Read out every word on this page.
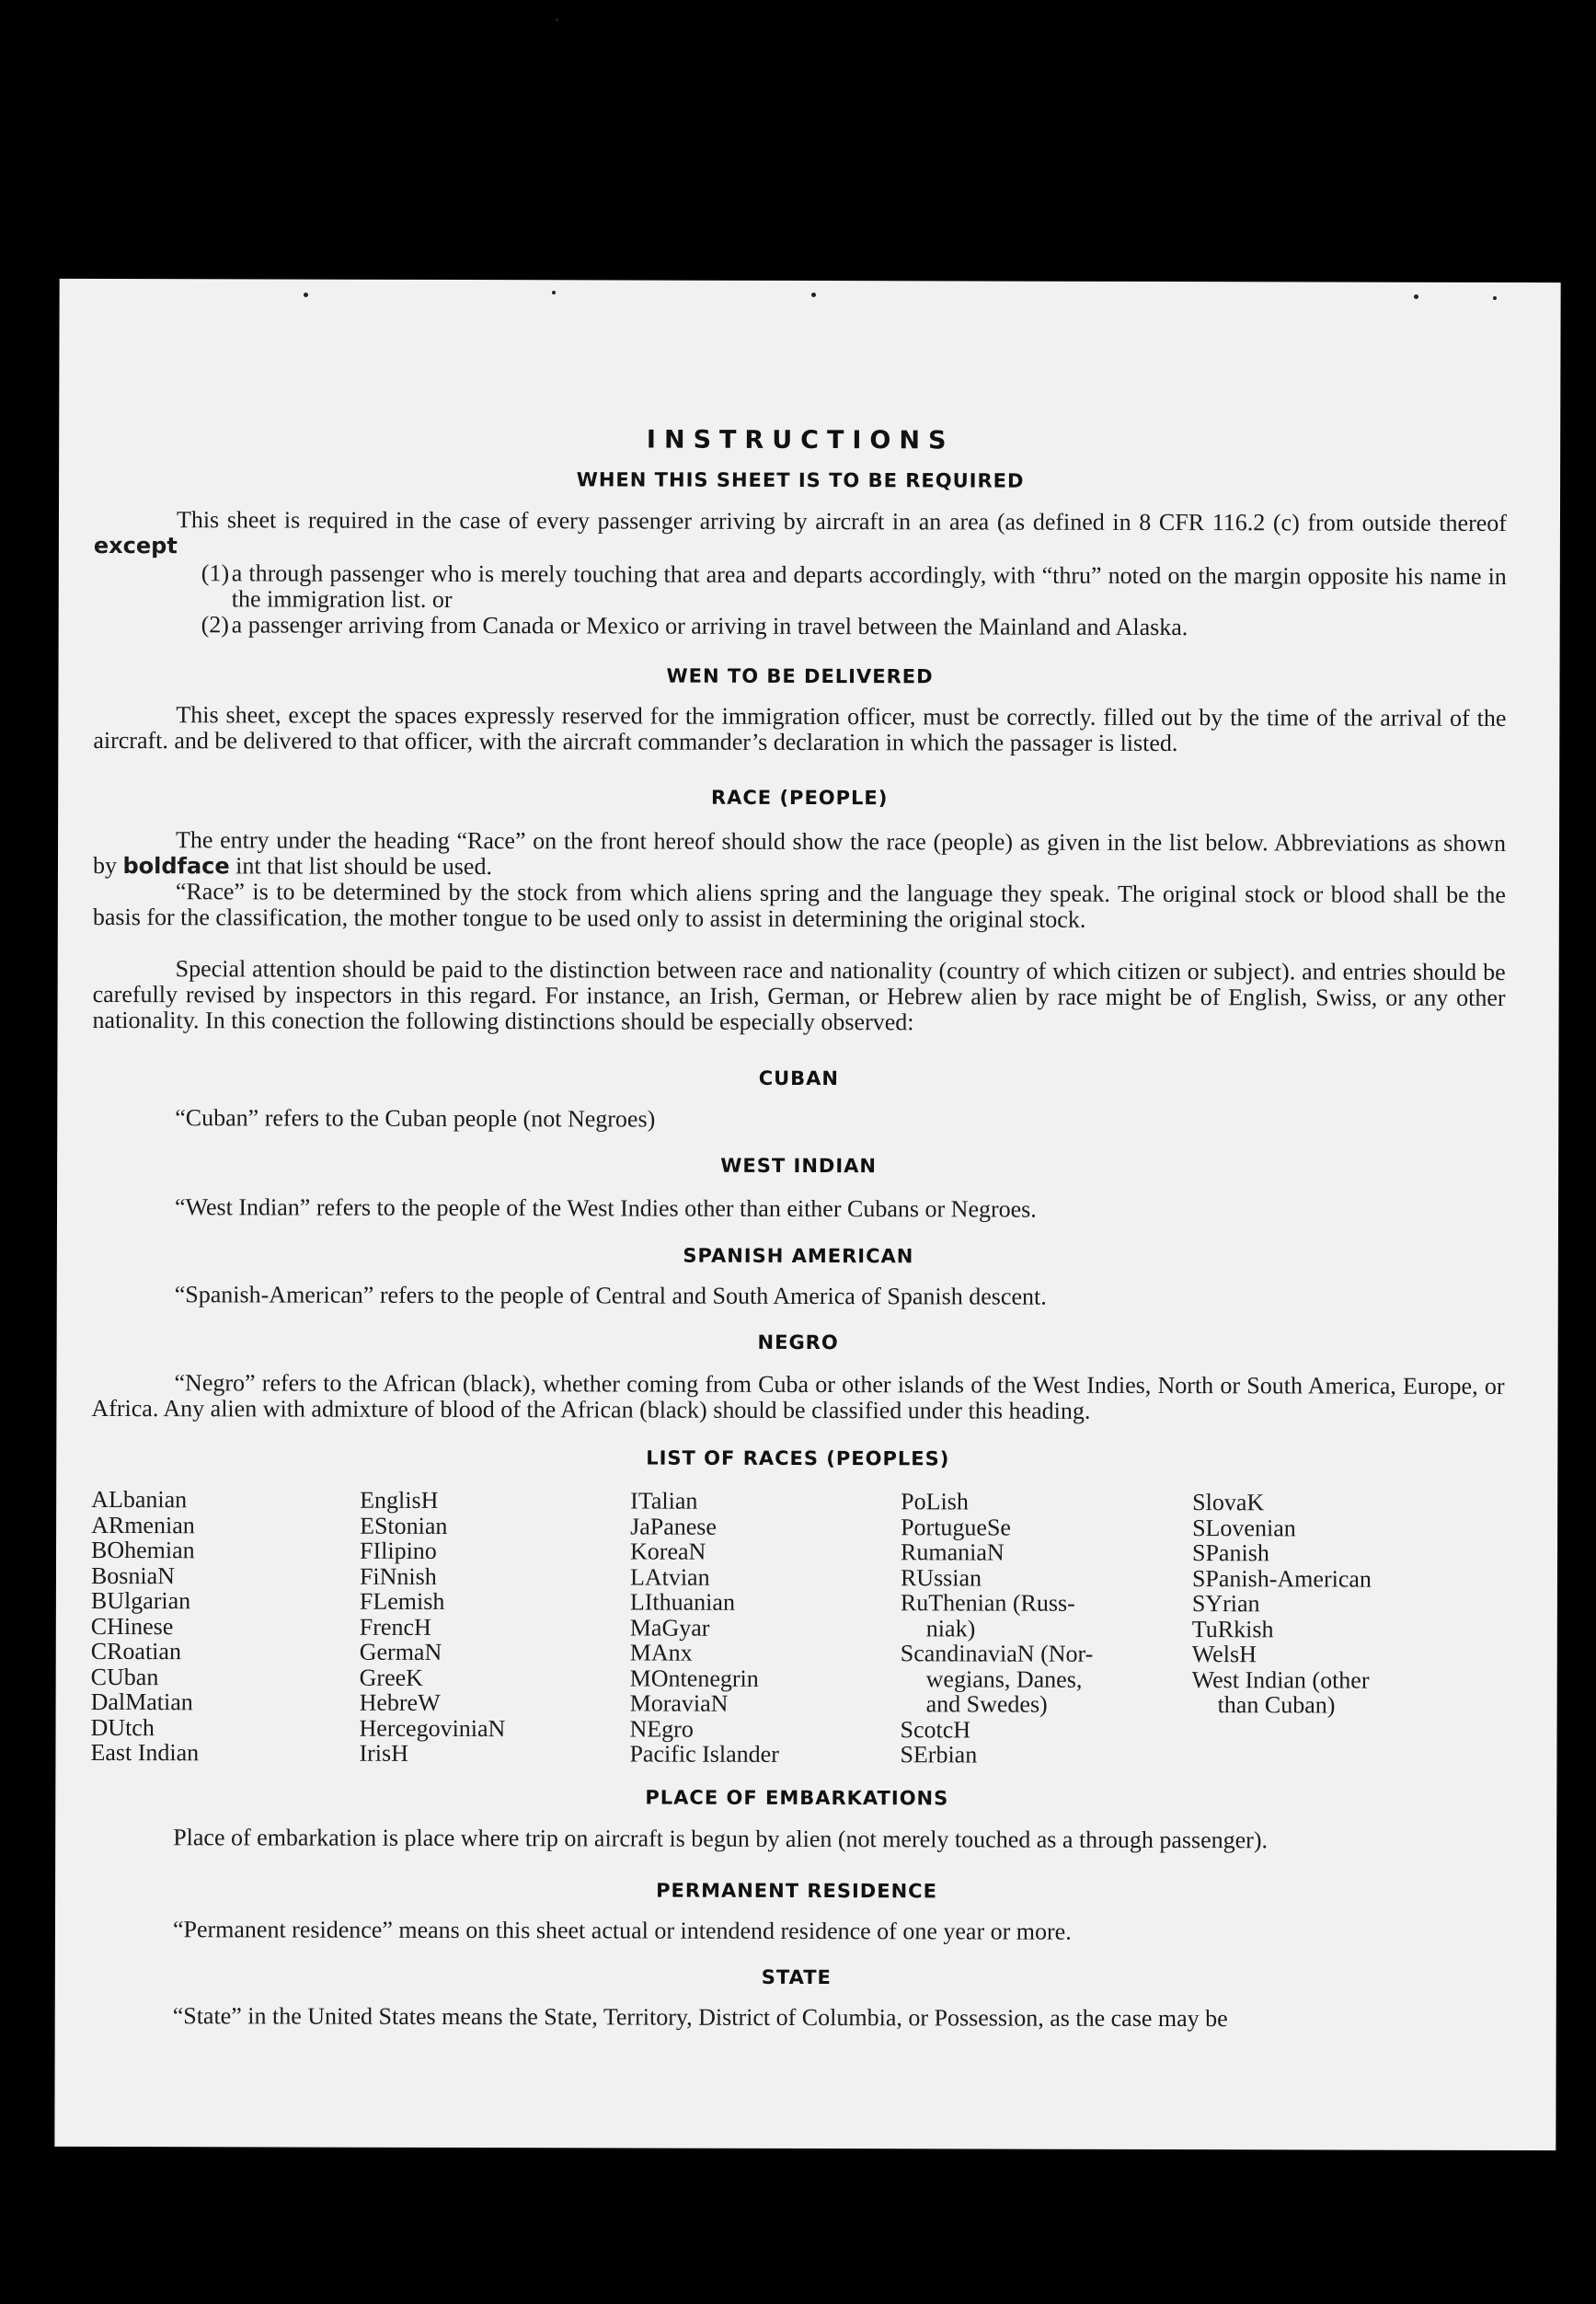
INSTRUCTIONS
WHEN THIS SHEET IS TO BE REQUIRED
This sheet is required in the case of every passenger arriving by aircraft in an area (as defined in 8 CFR 116.2 (c) from outside thereof except
(1) a through passenger who is merely touching that area and departs accordingly, with “thru” noted on the margin opposite his name in the immigration list. or
(2) a passenger arriving from Canada or Mexico or arriving in travel between the Mainland and Alaska.
WEN TO BE DELIVERED
This sheet, except the spaces expressly reserved for the immigration officer, must be correctly. filled out by the time of the arrival of the aircraft. and be delivered to that officer, with the aircraft commander’s declaration in which the passager is listed.
RACE (PEOPLE)
The entry under the heading “Race” on the front hereof should show the race (people) as given in the list below. Abbreviations as shown by boldface int that list should be used.
“Race” is to be determined by the stock from which aliens spring and the language they speak. The original stock or blood shall be the basis for the classification, the mother tongue to be used only to assist in determining the original stock.
Special attention should be paid to the distinction between race and nationality (country of which citizen or subject). and entries should be carefully revised by inspectors in this regard. For instance, an Irish, German, or Hebrew alien by race might be of English, Swiss, or any other nationality. In this conection the following distinctions should be especially observed:
CUBAN
“Cuban” refers to the Cuban people (not Negroes)
WEST INDIAN
“West Indian” refers to the people of the West Indies other than either Cubans or Negroes.
SPANISH AMERICAN
“Spanish-American” refers to the people of Central and South America of Spanish descent.
NEGRO
“Negro” refers to the African (black), whether coming from Cuba or other islands of the West Indies, North or South America, Europe, or Africa. Any alien with admixture of blood of the African (black) should be classified under this heading.
LIST OF RACES (PEOPLES)
ALbanian
ARmenian
BOhemian
BosniaN
BUlgarian
CHinese
CRoatian
CUban
DalMatian
DUtch
East Indian
EnglisH
EStonian
FIlipino
FiNnish
FLemish
FrencH
GermaN
GreeK
HebreW
HercegoviniaN
IrisH
ITalian
JaPanese
KoreaN
LAtvian
LIthuanian
MaGyar
MAnx
MOntenegrin
MoraviaN
NEgro
Pacific Islander
PoLish
PortugueSe
RumaniaN
RUssian
RuThenian (Russ-
niak)
ScandinaviaN (Nor-
wegians, Danes,
and Swedes)
ScotcH
SErbian
SlovaK
SLovenian
SPanish
SPanish-American
SYrian
TuRkish
WelsH
West Indian (other
than Cuban)
PLACE OF EMBARKATIONS
Place of embarkation is place where trip on aircraft is begun by alien (not merely touched as a through passenger).
PERMANENT RESIDENCE
“Permanent residence” means on this sheet actual or intendend residence of one year or more.
STATE
“State” in the United States means the State, Territory, District of Columbia, or Possession, as the case may be
